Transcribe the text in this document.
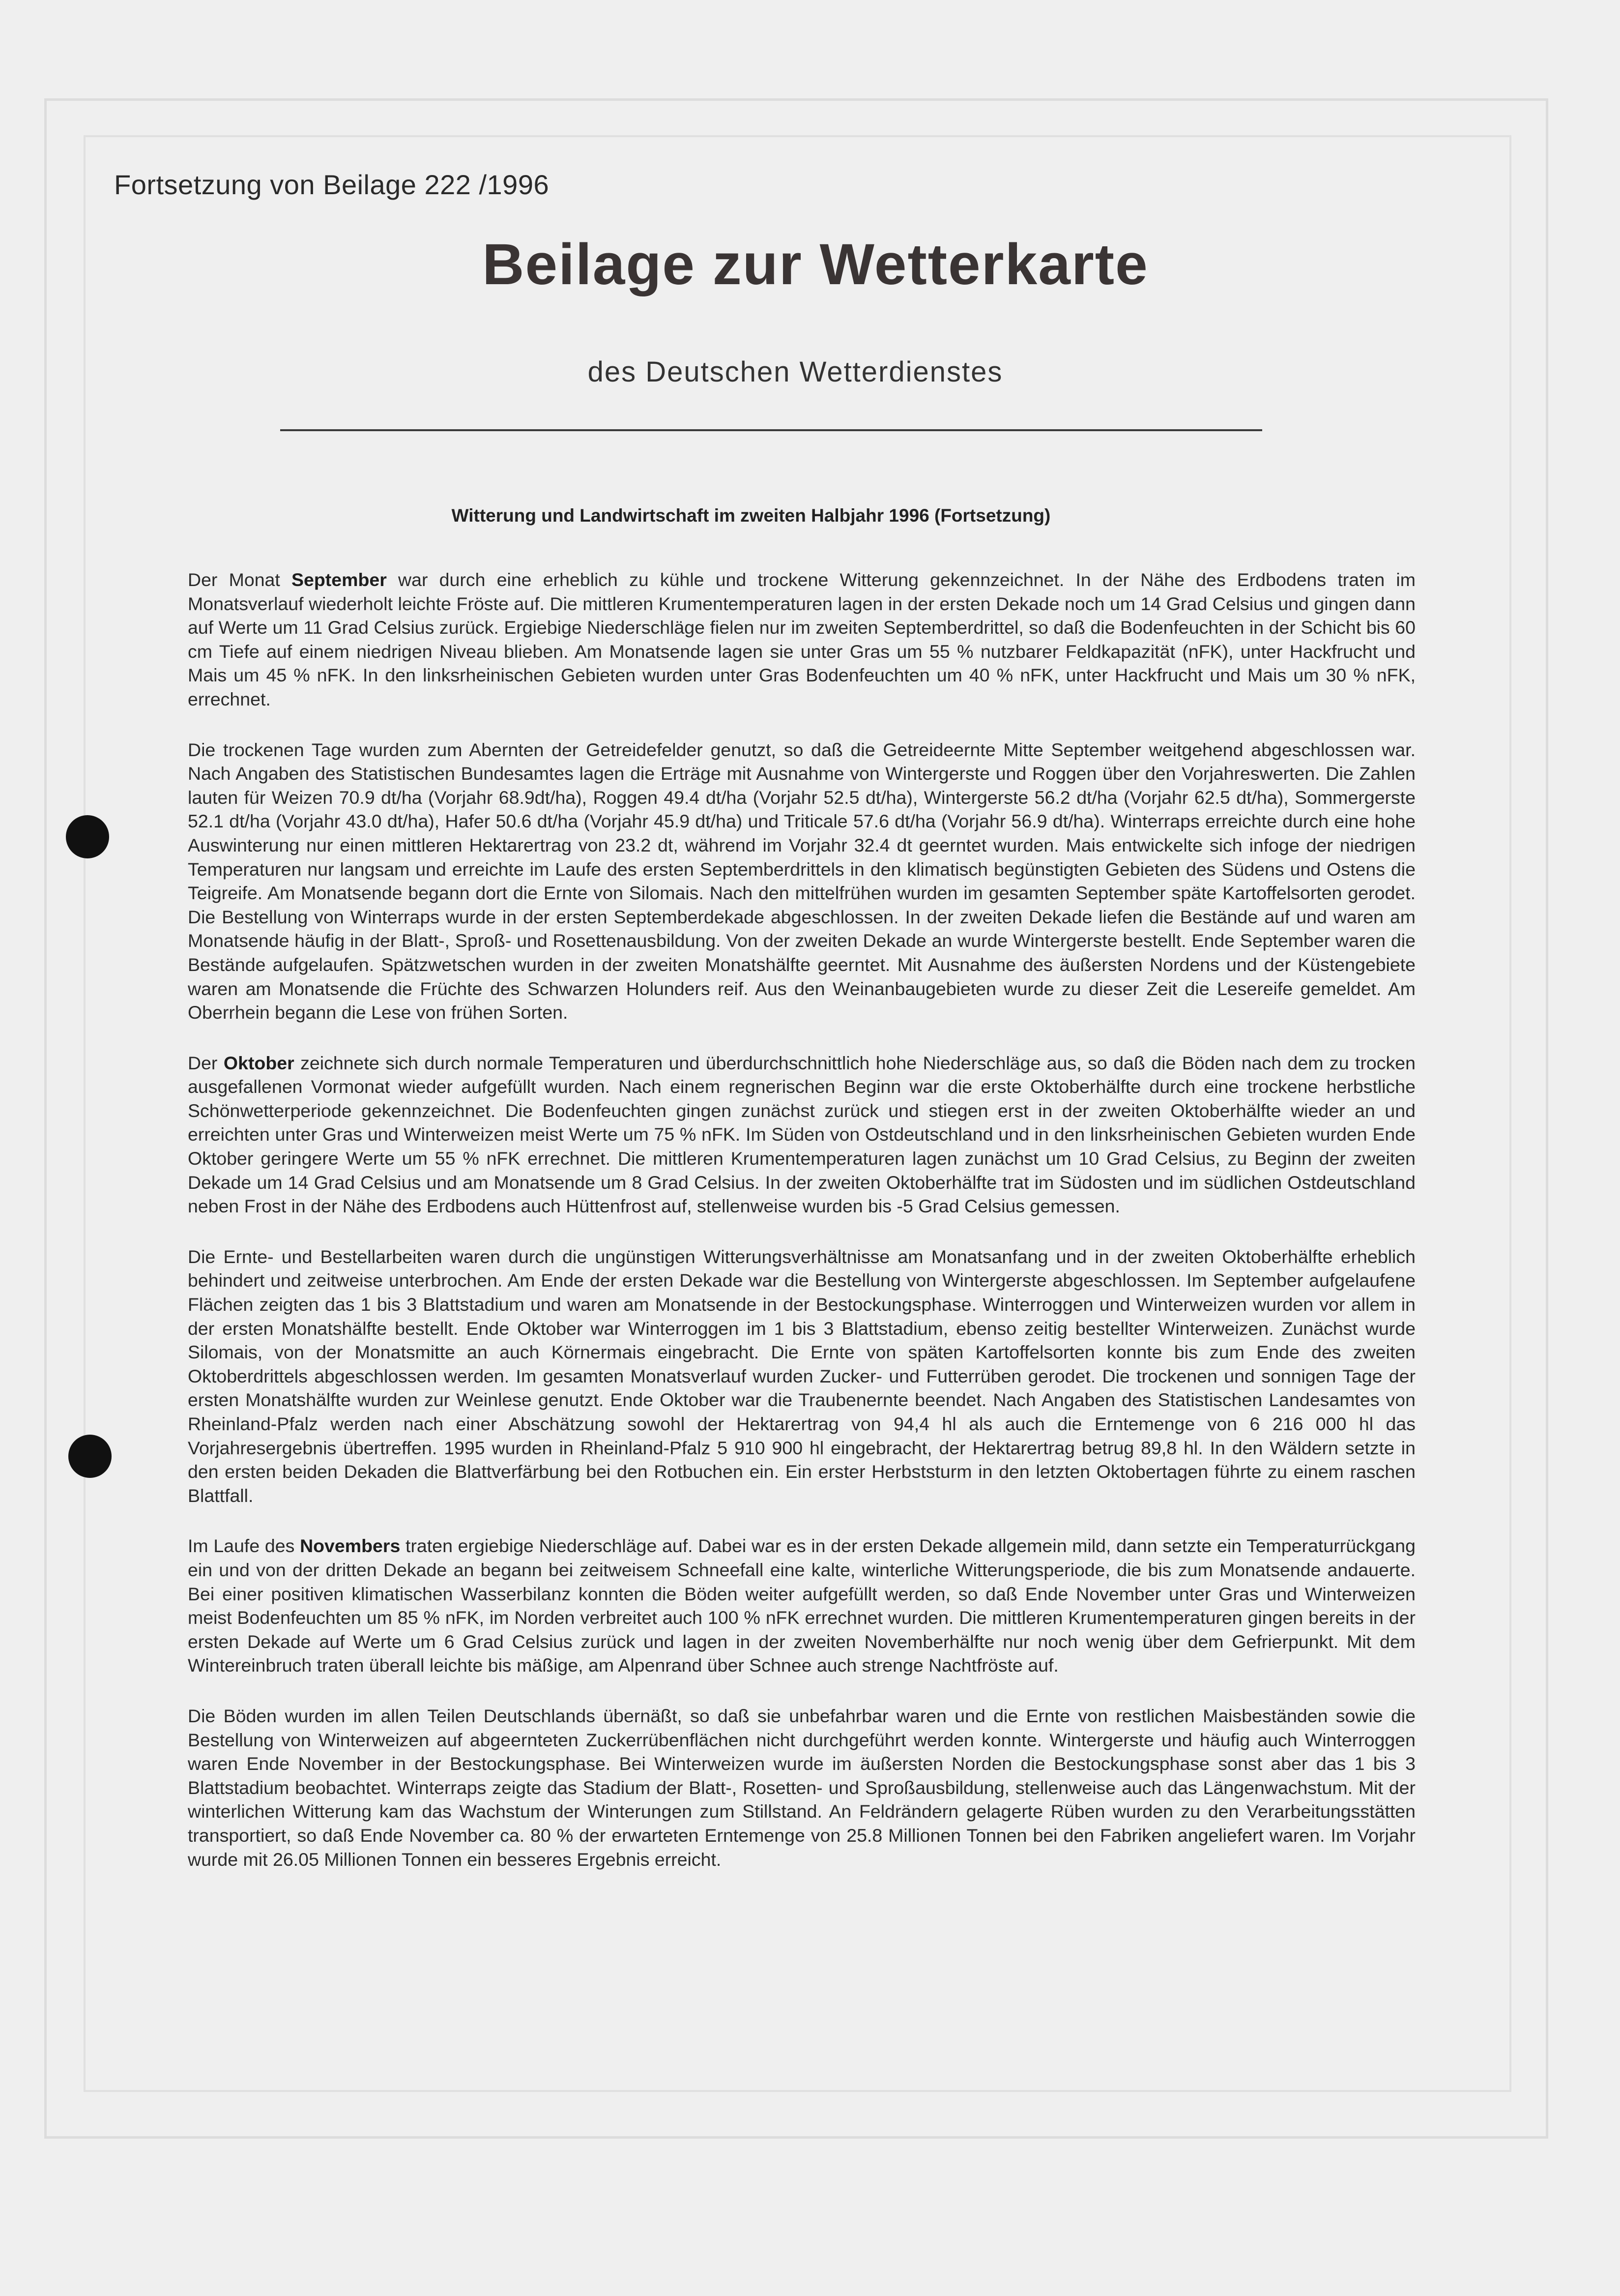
Fortsetzung von Beilage 222 /1996
Beilage zur Wetterkarte
des Deutschen Wetterdienstes
Witterung und Landwirtschaft im zweiten Halbjahr 1996 (Fortsetzung)

Der Monat September war durch eine erheblich zu kühle und trockene Witterung gekennzeichnet. In der Nähe des Erdbodens traten im Monatsverlauf wiederholt leichte Fröste auf. Die mittleren Krumentemperaturen lagen in der ersten Dekade noch um 14 Grad Celsius und gingen dann auf Werte um 11 Grad Celsius zurück. Ergiebige Niederschläge fielen nur im zweiten Septemberdrittel, so daß die Bodenfeuchten in der Schicht bis 60 cm Tiefe auf einem niedrigen Niveau blieben. Am Monatsende lagen sie unter Gras um 55 % nutzbarer Feldkapazität (nFK), unter Hackfrucht und Mais um 45 % nFK. In den linksrheinischen Gebieten wurden unter Gras Bodenfeuchten um 40 % nFK, unter Hackfrucht und Mais um 30 % nFK, errechnet.

Die trockenen Tage wurden zum Abernten der Getreidefelder genutzt, so daß die Getreideernte Mitte September weitgehend abgeschlossen war. Nach Angaben des Statistischen Bundesamtes lagen die Erträge mit Ausnahme von Wintergerste und Roggen über den Vorjahreswerten. Die Zahlen lauten für Weizen 70.9 dt/ha (Vorjahr 68.9dt/ha), Roggen 49.4 dt/ha (Vorjahr 52.5 dt/ha), Wintergerste 56.2 dt/ha (Vorjahr 62.5 dt/ha), Sommergerste 52.1 dt/ha (Vorjahr 43.0 dt/ha), Hafer 50.6 dt/ha (Vorjahr 45.9 dt/ha) und Triticale 57.6 dt/ha (Vorjahr 56.9 dt/ha). Winterraps erreichte durch eine hohe Auswinterung nur einen mittleren Hektarertrag von 23.2 dt, während im Vorjahr 32.4 dt geerntet wurden. Mais entwickelte sich infoge der niedrigen Temperaturen nur langsam und erreichte im Laufe des ersten Septemberdrittels in den klimatisch begünstigten Gebieten des Südens und Ostens die Teigreife. Am Monatsende begann dort die Ernte von Silomais. Nach den mittelfrühen wurden im gesamten September späte Kartoffelsorten gerodet. Die Bestellung von Winterraps wurde in der ersten Septemberdekade abgeschlossen. In der zweiten Dekade liefen die Bestände auf und waren am Monatsende häufig in der Blatt-, Sproß- und Rosettenausbildung. Von der zweiten Dekade an wurde Wintergerste bestellt. Ende September waren die Bestände aufgelaufen. Spätzwetschen wurden in der zweiten Monatshälfte geerntet. Mit Ausnahme des äußersten Nordens und der Küstengebiete waren am Monatsende die Früchte des Schwarzen Holunders reif. Aus den Weinanbaugebieten wurde zu dieser Zeit die Lesereife gemeldet. Am Oberrhein begann die Lese von frühen Sorten.

Der Oktober zeichnete sich durch normale Temperaturen und überdurchschnittlich hohe Niederschläge aus, so daß die Böden nach dem zu trocken ausgefallenen Vormonat wieder aufgefüllt wurden. Nach einem regnerischen Beginn war die erste Oktoberhälfte durch eine trockene herbstliche Schönwetterperiode gekennzeichnet. Die Bodenfeuchten gingen zunächst zurück und stiegen erst in der zweiten Oktoberhälfte wieder an und erreichten unter Gras und Winterweizen meist Werte um 75 % nFK. Im Süden von Ostdeutschland und in den linksrheinischen Gebieten wurden Ende Oktober geringere Werte um 55 % nFK errechnet. Die mittleren Krumentemperaturen lagen zunächst um 10 Grad Celsius, zu Beginn der zweiten Dekade um 14 Grad Celsius und am Monatsende um 8 Grad Celsius. In der zweiten Oktoberhälfte trat im Südosten und im südlichen Ostdeutschland neben Frost in der Nähe des Erdbodens auch Hüttenfrost auf, stellenweise wurden bis -5 Grad Celsius gemessen.

Die Ernte- und Bestellarbeiten waren durch die ungünstigen Witterungsverhältnisse am Monatsanfang und in der zweiten Oktoberhälfte erheblich behindert und zeitweise unterbrochen. Am Ende der ersten Dekade war die Bestellung von Wintergerste abgeschlossen. Im September aufgelaufene Flächen zeigten das 1 bis 3 Blattstadium und waren am Monatsende in der Bestockungsphase. Winterroggen und Winterweizen wurden vor allem in der ersten Monatshälfte bestellt. Ende Oktober war Winterroggen im 1 bis 3 Blattstadium, ebenso zeitig bestellter Winterweizen. Zunächst wurde Silomais, von der Monatsmitte an auch Körnermais eingebracht. Die Ernte von späten Kartoffelsorten konnte bis zum Ende des zweiten Oktoberdrittels abgeschlossen werden. Im gesamten Monatsverlauf wurden Zucker- und Futterrüben gerodet. Die trockenen und sonnigen Tage der ersten Monatshälfte wurden zur Weinlese genutzt. Ende Oktober war die Traubenernte beendet. Nach Angaben des Statistischen Landesamtes von Rheinland-Pfalz werden nach einer Abschätzung sowohl der Hektarertrag von 94,4 hl als auch die Erntemenge von 6 216 000 hl das Vorjahresergebnis übertreffen. 1995 wurden in Rheinland-Pfalz 5 910 900 hl eingebracht, der Hektarertrag betrug 89,8 hl. In den Wäldern setzte in den ersten beiden Dekaden die Blattverfärbung bei den Rotbuchen ein. Ein erster Herbststurm in den letzten Oktobertagen führte zu einem raschen Blattfall.

Im Laufe des Novembers traten ergiebige Niederschläge auf. Dabei war es in der ersten Dekade allgemein mild, dann setzte ein Temperaturrückgang ein und von der dritten Dekade an begann bei zeitweisem Schneefall eine kalte, winterliche Witterungsperiode, die bis zum Monatsende andauerte. Bei einer positiven klimatischen Wasserbilanz konnten die Böden weiter aufgefüllt werden, so daß Ende November unter Gras und Winterweizen meist Bodenfeuchten um 85 % nFK, im Norden verbreitet auch 100 % nFK errechnet wurden. Die mittleren Krumentemperaturen gingen bereits in der ersten Dekade auf Werte um 6 Grad Celsius zurück und lagen in der zweiten Novemberhälfte nur noch wenig über dem Gefrierpunkt. Mit dem Wintereinbruch traten überall leichte bis mäßige, am Alpenrand über Schnee auch strenge Nachtfröste auf.

Die Böden wurden im allen Teilen Deutschlands übernäßt, so daß sie unbefahrbar waren und die Ernte von restlichen Maisbeständen sowie die Bestellung von Winterweizen auf abgeernteten Zuckerrübenflächen nicht durchgeführt werden konnte. Wintergerste und häufig auch Winterroggen waren Ende November in der Bestockungsphase. Bei Winterweizen wurde im äußersten Norden die Bestockungsphase sonst aber das 1 bis 3 Blattstadium beobachtet. Winterraps zeigte das Stadium der Blatt-, Rosetten- und Sproßausbildung, stellenweise auch das Längenwachstum. Mit der winterlichen Witterung kam das Wachstum der Winterungen zum Stillstand. An Feldrändern gelagerte Rüben wurden zu den Verarbeitungsstätten transportiert, so daß Ende November ca. 80 % der erwarteten Erntemenge von 25.8 Millionen Tonnen bei den Fabriken angeliefert waren. Im Vorjahr wurde mit 26.05 Millionen Tonnen ein besseres Ergebnis erreicht.
